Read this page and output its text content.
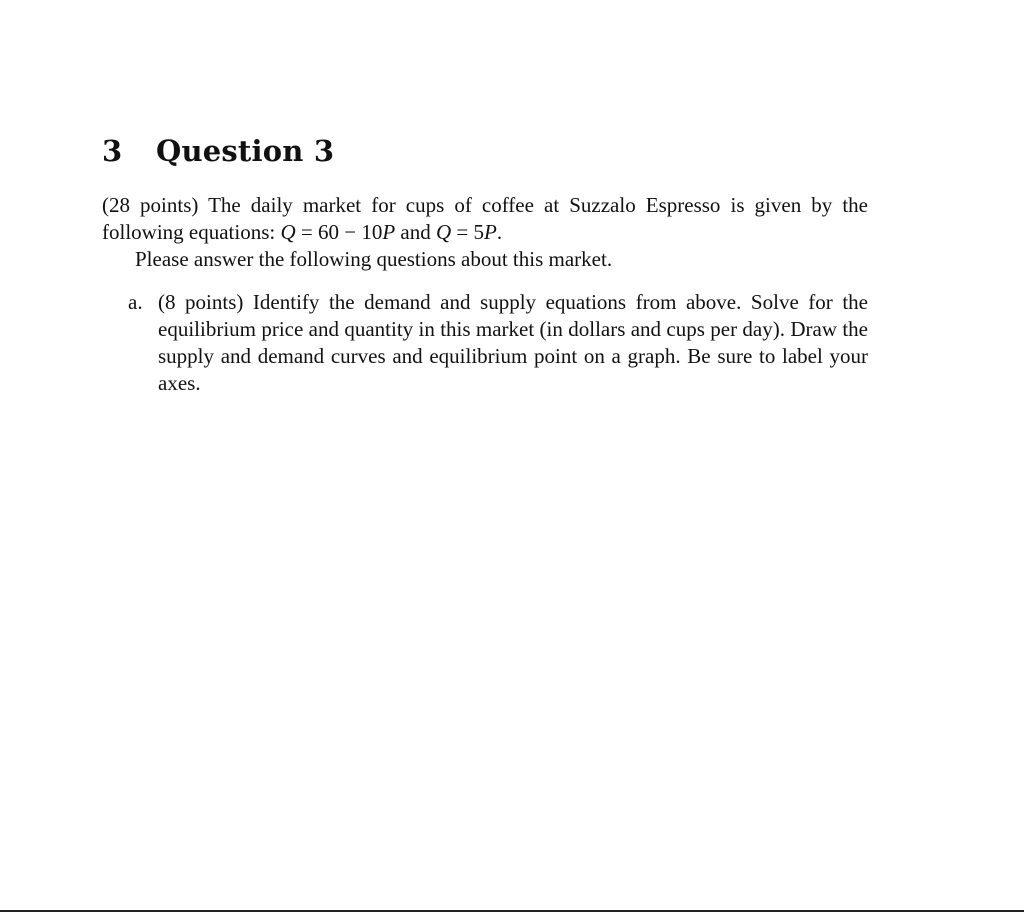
3 Question 3

(28 points) The daily market for cups of coffee at Suzzalo Espresso is given by the following equations: Q = 60 − 10P and Q = 5P.

Please answer the following questions about this market.

a. (8 points) Identify the demand and supply equations from above. Solve for the equilibrium price and quantity in this market (in dollars and cups per day). Draw the supply and demand curves and equilibrium point on a graph. Be sure to label your axes.
